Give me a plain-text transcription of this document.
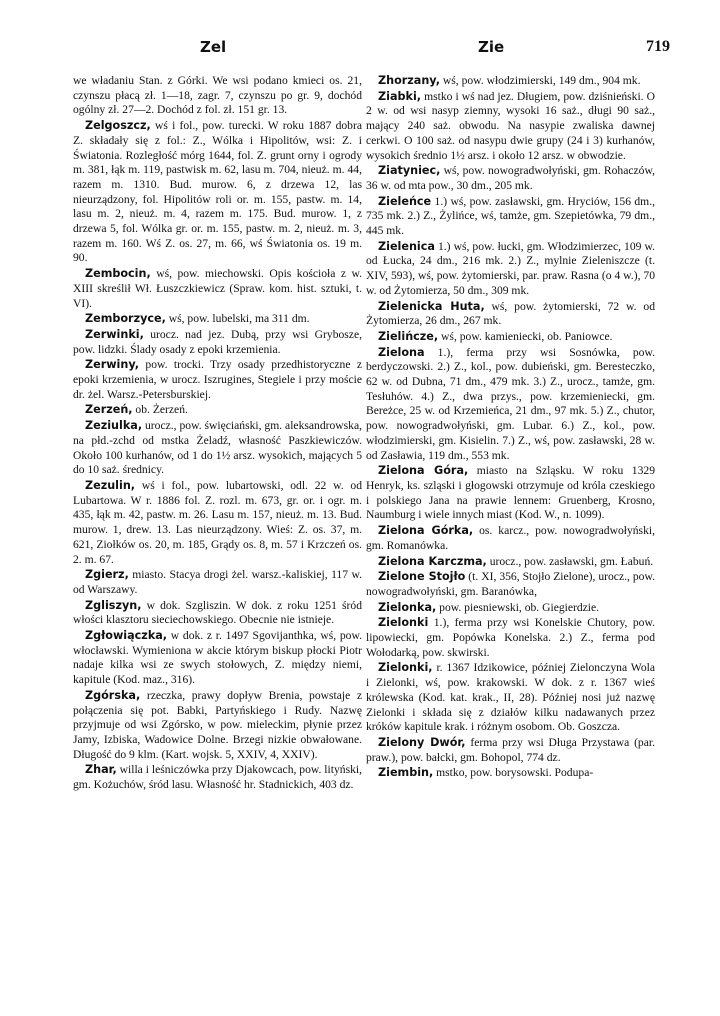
Zel	Zie	719

we władaniu Stan. z Górki. We wsi podano kmieci os. 21, czynszu płacą zł. 1—18, zagr. 7, czynszu po gr. 9, dochód ogólny zł. 27—2. Dochód z fol. zł. 151 gr. 13.

Zelgoszcz, wś i fol., pow. turecki. W roku 1887 dobra Z. składały się z fol.: Z., Wólka i Hipolitów, wsi: Z. i Światonia. Rozległość mórg 1644, fol. Z. grunt orny i ogrody m. 381, łąk m. 119, pastwisk m. 62, lasu m. 704, nieuż. m. 44, razem m. 1310. Bud. murow. 6, z drzewa 12, las nieurządzony, fol. Hipolitów roli or. m. 155, pastw. m. 14, lasu m. 2, nieuż. m. 4, razem m. 175. Bud. murow. 1, z drzewa 5, fol. Wólka gr. or. m. 155, pastw. m. 2, nieuż. m. 3, razem m. 160. Wś Z. os. 27, m. 66, wś Światonia os. 19 m. 90.

Zembocin, wś, pow. miechowski. Opis kościoła z w. XIII skreślił Wł. Łuszczkiewicz (Spraw. kom. hist. sztuki, t. VI).

Zemborzyce, wś, pow. lubelski, ma 311 dm.

Zerwinki, urocz. nad jez. Dubą, przy wsi Grybosze, pow. lidzki. Ślady osady z epoki krzemienia.

Zerwiny, pow. trocki. Trzy osady przedhistoryczne z epoki krzemienia, w urocz. Iszrugines, Stegiele i przy moście dr. żel. Warsz.-Petersburskiej.

Zerzeń, ob. Żerzeń.

Zeziulka, urocz., pow. święciański, gm. aleksandrowska, na płd.-zchd od mstka Żeladź, własność Paszkiewiczów. Około 100 kurhanów, od 1 do 1½ arsz. wysokich, mających 5 do 10 saż. średnicy.

Zezulin, wś i fol., pow. lubartowski, odl. 22 w. od Lubartowa. W r. 1886 fol. Z. rozl. m. 673, gr. or. i ogr. m. 435, łąk m. 42, pastw. m. 26. Lasu m. 157, nieuż. m. 13. Bud. murow. 1, drew. 13. Las nieurządzony. Wieś: Z. os. 37, m. 621, Ziołków os. 20, m. 185, Grądy os. 8, m. 57 i Krzczeń os. 2. m. 67.

Zgierz, miasto. Stacya drogi żel. warsz.-kaliskiej, 117 w. od Warszawy.

Zgliszyn, w dok. Szgliszin. W dok. z roku 1251 śród włości klasztoru sieciechowskiego. Obecnie nie istnieje.

Zgłowiączka, w dok. z r. 1497 Sgovijanthka, wś, pow. włocławski. Wymieniona w akcie którym biskup płocki Piotr nadaje kilka wsi ze swych stołowych, Z. między niemi, kapitule (Kod. maz., 316).

Zgórska, rzeczka, prawy dopływ Brenia, powstaje z połączenia się pot. Babki, Partyńskiego i Rudy. Nazwę przyjmuje od wsi Zgórsko, w pow. mieleckim, płynie przez Jamy, Izbiska, Wadowice Dolne. Brzegi nizkie obwałowane. Długość do 9 klm. (Kart. wojsk. 5, XXIV, 4, XXIV).

Zhar, willa i leśniczówka przy Djakowcach, pow. lityński, gm. Kożuchów, śród lasu. Własność hr. Stadnickich, 403 dz.

Zhorzany, wś, pow. włodzimierski, 149 dm., 904 mk.

Ziabki, mstko i wś nad jez. Długiem, pow. dziśnieński. O 2 w. od wsi nasyp ziemny, wysoki 16 saż., długi 90 saż., mający 240 saż. obwodu. Na nasypie zwaliska dawnej cerkwi. O 100 saż. od nasypu dwie grupy (24 i 3) kurhanów, wysokich średnio 1½ arsz. i około 12 arsz. w obwodzie.

Ziatyniec, wś, pow. nowogradwołyński, gm. Rohaczów, 36 w. od mta pow., 30 dm., 205 mk.

Zieleńce 1.) wś, pow. zasławski, gm. Hryciów, 156 dm., 735 mk. 2.) Z., Żylińce, wś, tamże, gm. Szepietówka, 79 dm., 445 mk.

Zielenica 1.) wś, pow. łucki, gm. Włodzimierzec, 109 w. od Łucka, 24 dm., 216 mk. 2.) Z., mylnie Zieleniszcze (t. XIV, 593), wś, pow. żytomierski, par. praw. Rasna (o 4 w.), 70 w. od Żytomierza, 50 dm., 309 mk.

Zielenicka Huta, wś, pow. żytomierski, 72 w. od Żytomierza, 26 dm., 267 mk.

Zielińcze, wś, pow. kamieniecki, ob. Paniowce.

Zielona 1.), ferma przy wsi Sosnówka, pow. berdyczowski. 2.) Z., kol., pow. dubieński, gm. Beresteczko, 62 w. od Dubna, 71 dm., 479 mk. 3.) Z., urocz., tamże, gm. Tesłuhów. 4.) Z., dwa przys., pow. krzemieniecki, gm. Bereżce, 25 w. od Krzemieńca, 21 dm., 97 mk. 5.) Z., chutor, pow. nowogradwołyński, gm. Lubar. 6.) Z., kol., pow. włodzimierski, gm. Kisielin. 7.) Z., wś, pow. zasławski, 28 w. od Zasławia, 119 dm., 553 mk.

Zielona Góra, miasto na Szląsku. W roku 1329 Henryk, ks. szląski i głogowski otrzymuje od króla czeskiego i polskiego Jana na prawie lennem: Gruenberg, Krosno, Naumburg i wiele innych miast (Kod. W., n. 1099).

Zielona Górka, os. karcz., pow. nowogradwołyński, gm. Romanówka.

Zielona Karczma, urocz., pow. zasławski, gm. Łabuń.

Zielone Stojło (t. XI, 356, Stojło Zielone), urocz., pow. nowogradwołyński, gm. Baranówka,

Zielonka, pow. piesniewski, ob. Giegierdzie.

Zielonki 1.), ferma przy wsi Konelskie Chutory, pow. lipowiecki, gm. Popówka Konelska. 2.) Z., ferma pod Wołodarką, pow. skwirski.

Zielonki, r. 1367 Idzikowice, później Zielonczyna Wola i Zielonki, wś, pow. krakowski. W dok. z r. 1367 wieś królewska (Kod. kat. krak., II, 28). Później nosi już nazwę Zielonki i składa się z działów kilku nadawanych przez króków kapitule krak. i różnym osobom. Ob. Goszcza.

Zielony Dwór, ferma przy wsi Długa Przystawa (par. praw.), pow. bałcki, gm. Bohopol, 774 dz.

Ziembin, mstko, pow. borysowski. Podupa-
